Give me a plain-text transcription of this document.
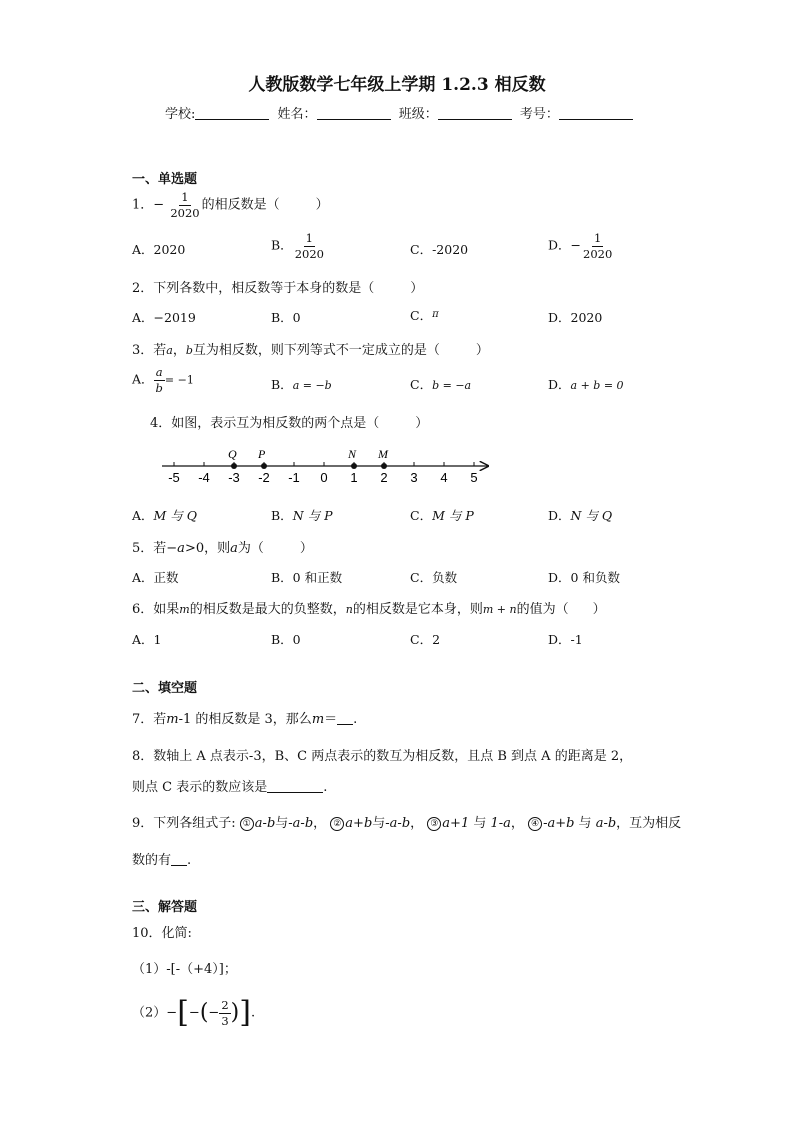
人教版数学七年级上学期 1.2.3 相反数
学校:	姓名：	班级：	考号：
一、单选题
1．− $\frac{1}{2020}$ 的相反数是（	）
A．2020	B． $\frac{1}{2020}$	C．-2020	D．− $\frac{1}{2020}$
2．下列各数中，相反数等于本身的数是（	）
A．−2019	B．0	C．$^\pi$	D．2020
3．若a，b互为相反数，则下列等式不一定成立的是（	）
A． $\frac{a}{b} = -1$	B．a = −b	C．b = −a	D．a + b = 0
4．如图，表示互为相反数的两个点是（	）
-5 -4 -3 -2 -1 0 1 2 3 4 5
Q P	N M
A．M 与 Q	B．N 与 P	C．M 与 P	D．N 与 Q
5．若−a>0，则a为（	）
A．正数	B．0 和正数	C．负数	D．0 和负数
6．如果m的相反数是最大的负整数，n的相反数是它本身，则m + n的值为（ ）
A．1	B．0	C．2	D．-1
二、填空题
7．若m-1 的相反数是 3，那么m＝ .
8．数轴上 A 点表示-3，B、C 两点表示的数互为相反数，且点 B 到点 A 的距离是 2，
则点 C 表示的数应该是	.
9．下列各组式子: ① a-b与-a-b， ② a+b与-a-b， ③ a+1 与 1-a， ④ -a+b 与 a-b，互为相反
数的有 .
三、解答题
10．化简:
（1）-[-（+4）]；
$(2)-[-(- \frac{2}{3}$ )].
